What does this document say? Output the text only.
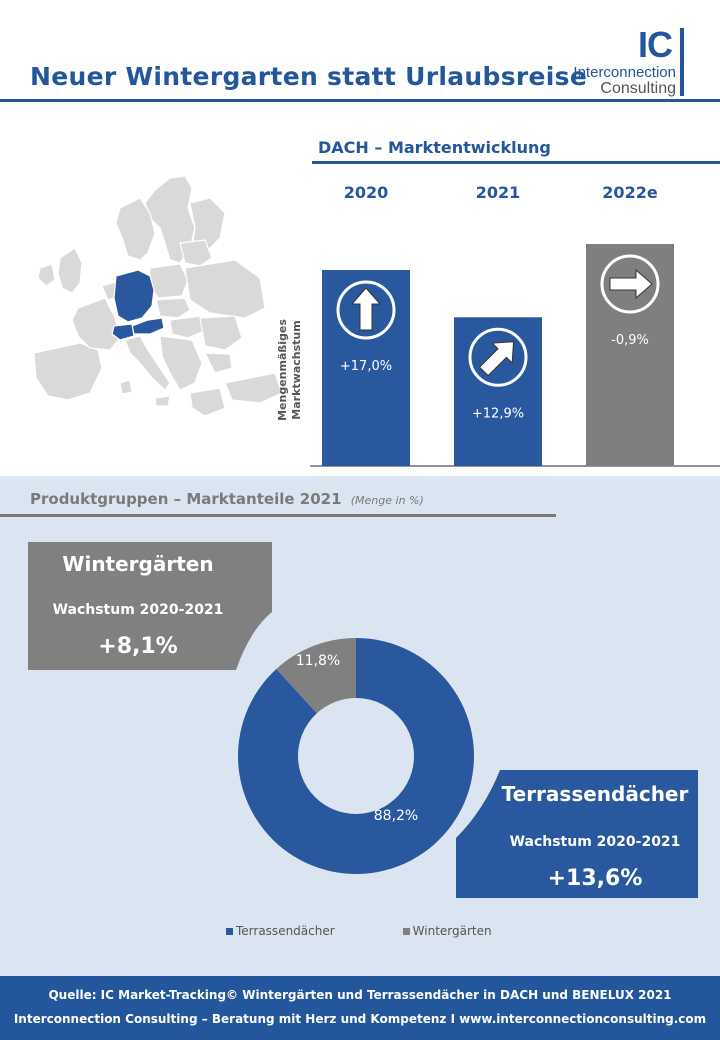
Neuer Wintergarten statt Urlaubsreise
IC
Interconnection
Consulting
DACH – Marktentwicklung
Mengenmäßiges Marktwachstum
2020
+17,0%
2021
+12,9%
2022e
-0,9%
Produktgruppen – Marktanteile 2021 (Menge in %)
88,2%
11,8%
Wintergärten
Wachstum 2020-2021
+8,1%
Terrassendächer
Wachstum 2020-2021
+13,6%
Terrassendächer	Wintergärten
Quelle: IC Market-Tracking© Wintergärten und Terrassendächer in DACH und BENELUX 2021
Interconnection Consulting – Beratung mit Herz und Kompetenz I www.interconnectionconsulting.com
